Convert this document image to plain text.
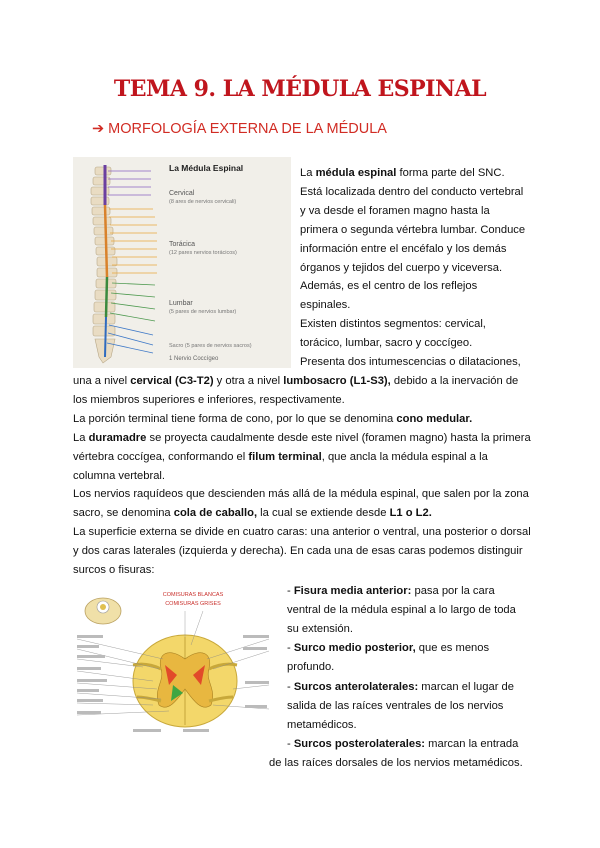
TEMA 9. LA MÉDULA ESPINAL
➔ MORFOLOGÍA EXTERNA DE LA MÉDULA
La Médula Espinal
Cervical
(8 ares de nervios cervicali)
Torácica
(12 pares nervios torácicos)
Lumbar
(5 pares de nervios lumbar)
Sacro (5 pares de nervios sacros)
1 Nervio Coccígeo

La médula espinal forma parte del SNC.

Está localizada dentro del conducto vertebral

y va desde el foramen magno hasta la

primera o segunda vértebra lumbar. Conduce

información entre el encéfalo y los demás

órganos y tejidos del cuerpo y viceversa.

Además, es el centro de los reflejos

espinales.

Existen distintos segmentos: cervical,

torácico, lumbar, sacro y coccígeo.

Presenta dos intumescencias o dilataciones,

una a nivel cervical (C3-T2) y otra a nivel lumbosacro (L1-S3), debido a la inervación de

los miembros superiores e inferiores, respectivamente.

La porción terminal tiene forma de cono, por lo que se denomina cono medular.

La duramadre se proyecta caudalmente desde este nivel (foramen magno) hasta la primera

vértebra coccígea, conformando el filum terminal, que ancla la médula espinal a la

columna vertebral.

Los nervios raquídeos que descienden más allá de la médula espinal, que salen por la zona

sacro, se denomina cola de caballo, la cual se extiende desde L1 o L2.

La superficie externa se divide en cuatro caras: una anterior o ventral, una posterior o dorsal

y dos caras laterales (izquierda y derecha). En cada una de esas caras podemos distinguir

surcos o fisuras:

COMISURAS BLANCAS
COMISURAS GRISES

- Fisura media anterior: pasa por la cara

ventral de la médula espinal a lo largo de toda

su extensión.

- Surco medio posterior, que es menos

profundo.

- Surcos anterolaterales: marcan el lugar de

salida de las raíces ventrales de los nervios

metamédicos.

- Surcos posterolaterales: marcan la entrada

de las raíces dorsales de los nervios metamédicos.
